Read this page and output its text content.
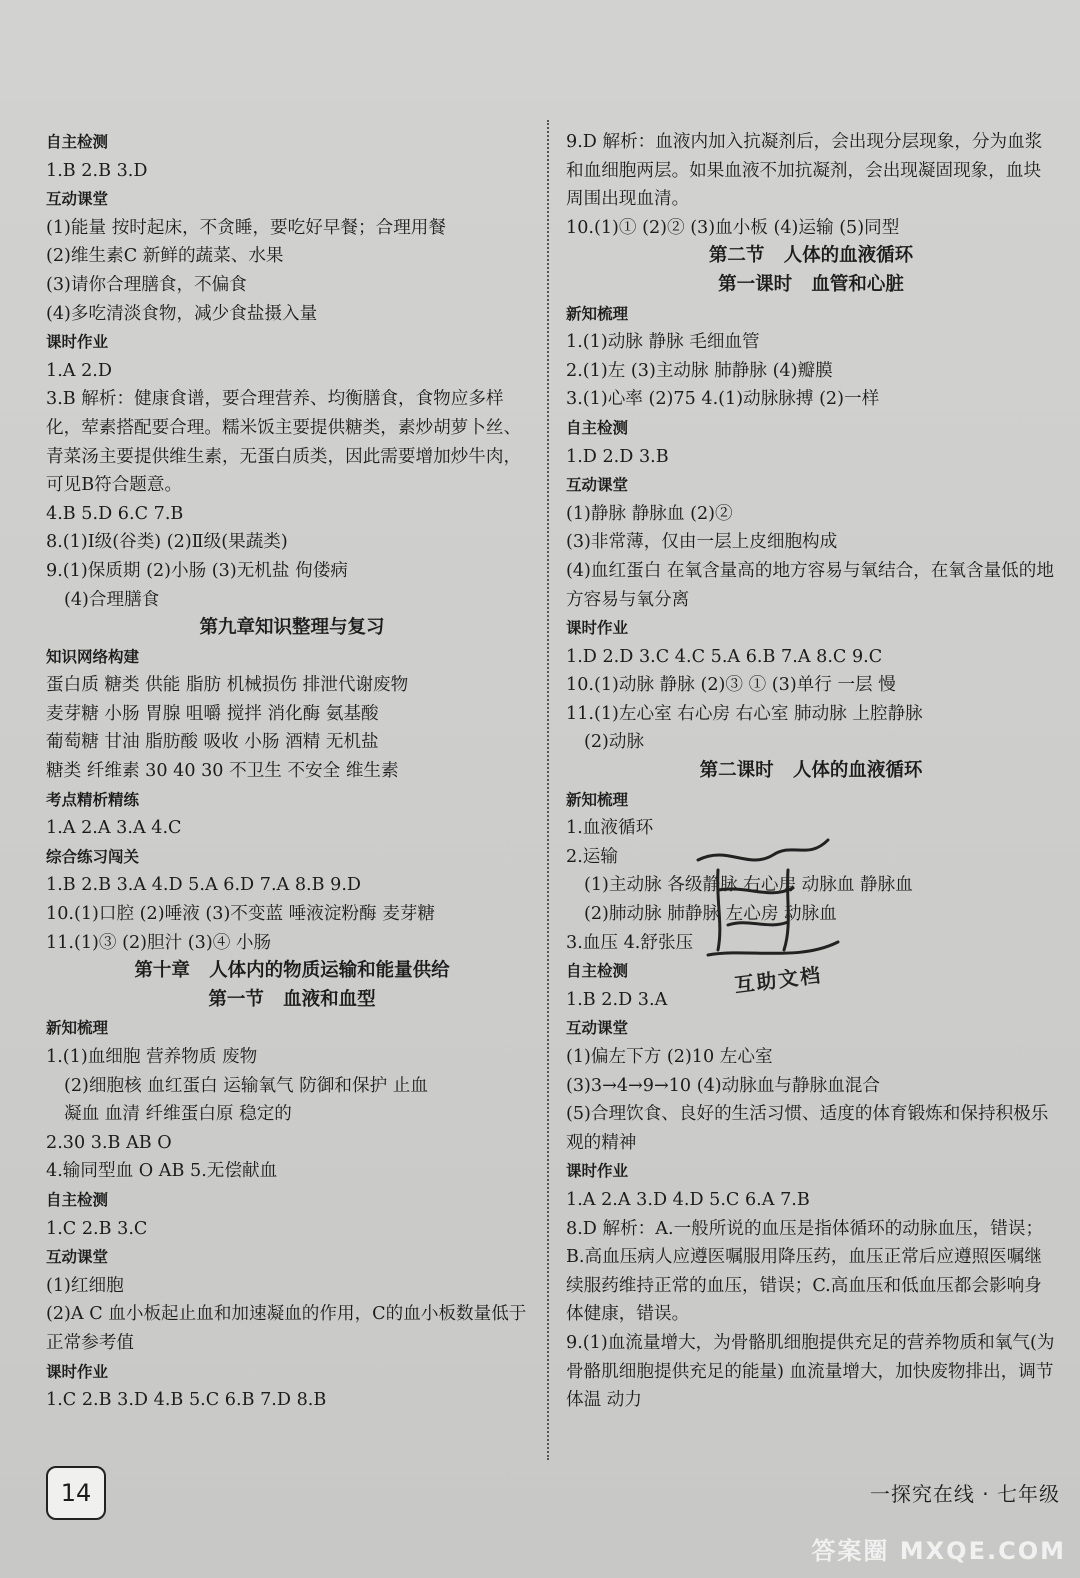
自主检测
1.B 2.B 3.D
互动课堂
(1)能量 按时起床，不贪睡，要吃好早餐；合理用餐
(2)维生素C 新鲜的蔬菜、水果
(3)请你合理膳食，不偏食
(4)多吃清淡食物，减少食盐摄入量
课时作业
1.A 2.D
3.B 解析：健康食谱，要合理营养、均衡膳食，食物应多样化，荤素搭配要合理。糯米饭主要提供糖类，素炒胡萝卜丝、青菜汤主要提供维生素，无蛋白质类，因此需要增加炒牛肉，可见B符合题意。
4.B 5.D 6.C 7.B
8.(1)Ⅰ级(谷类) (2)Ⅱ级(果蔬类)
9.(1)保质期 (2)小肠 (3)无机盐 佝偻病
(4)合理膳食
第九章知识整理与复习
知识网络构建
蛋白质 糖类 供能 脂肪 机械损伤 排泄代谢废物
麦芽糖 小肠 胃腺 咀嚼 搅拌 消化酶 氨基酸
葡萄糖 甘油 脂肪酸 吸收 小肠 酒精 无机盐
糖类 纤维素 30 40 30 不卫生 不安全 维生素
考点精析精练
1.A 2.A 3.A 4.C
综合练习闯关
1.B 2.B 3.A 4.D 5.A 6.D 7.A 8.B 9.D
10.(1)口腔 (2)唾液 (3)不变蓝 唾液淀粉酶 麦芽糖
11.(1)③ (2)胆汁 (3)④ 小肠
第十章   人体内的物质运输和能量供给
第一节   血液和血型
新知梳理
1.(1)血细胞 营养物质 废物
(2)细胞核 血红蛋白 运输氧气 防御和保护 止血
凝血 血清 纤维蛋白原 稳定的
2.30 3.B AB O
4.输同型血 O AB 5.无偿献血
自主检测
1.C 2.B 3.C
互动课堂
(1)红细胞
(2)A C 血小板起止血和加速凝血的作用，C的血小板数量低于正常参考值
课时作业
1.C 2.B 3.D 4.B 5.C 6.B 7.D 8.B
9.D 解析：血液内加入抗凝剂后，会出现分层现象，分为血浆和血细胞两层。如果血液不加抗凝剂，会出现凝固现象，血块周围出现血清。
10.(1)① (2)② (3)血小板 (4)运输 (5)同型
第二节   人体的血液循环
第一课时   血管和心脏
新知梳理
1.(1)动脉 静脉 毛细血管
2.(1)左 (3)主动脉 肺静脉 (4)瓣膜
3.(1)心率 (2)75 4.(1)动脉脉搏 (2)一样
自主检测
1.D 2.D 3.B
互动课堂
(1)静脉 静脉血 (2)②
(3)非常薄，仅由一层上皮细胞构成
(4)血红蛋白 在氧含量高的地方容易与氧结合，在氧含量低的地方容易与氧分离
课时作业
1.D 2.D 3.C 4.C 5.A 6.B 7.A 8.C 9.C
10.(1)动脉 静脉 (2)③ ① (3)单行 一层 慢
11.(1)左心室 右心房 右心室 肺动脉 上腔静脉
(2)动脉
第二课时   人体的血液循环
新知梳理
1.血液循环
2.运输
(1)主动脉 各级静脉 右心房 动脉血 静脉血
(2)肺动脉 肺静脉 左心房 动脉血
3.血压 4.舒张压
自主检测
1.B 2.D 3.A
互动课堂
(1)偏左下方 (2)10 左心室
(3)3→4→9→10 (4)动脉血与静脉血混合
(5)合理饮食、良好的生活习惯、适度的体育锻炼和保持积极乐观的精神
课时作业
1.A 2.A 3.D 4.D 5.C 6.A 7.B
8.D 解析：A.一般所说的血压是指体循环的动脉血压，错误；B.高血压病人应遵医嘱服用降压药，血压正常后应遵照医嘱继续服药维持正常的血压，错误；C.高血压和低血压都会影响身体健康，错误。
9.(1)血流量增大，为骨骼肌细胞提供充足的营养物质和氧气(为骨骼肌细胞提供充足的能量) 血流量增大，加快废物排出，调节体温 动力
互助文档
14	一探究在线 · 七年级
答案圈 MXQE.COM
